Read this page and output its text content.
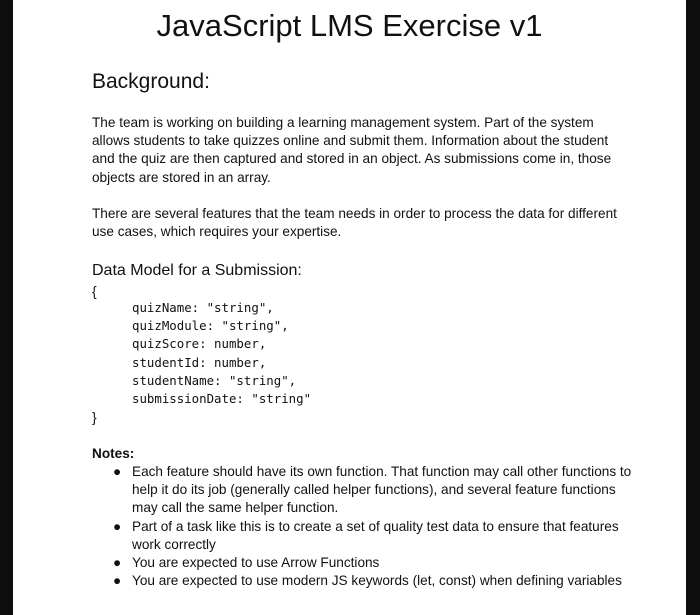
JavaScript LMS Exercise v1
Background:

The team is working on building a learning management system. Part of the system allows students to take quizzes online and submit them. Information about the student and the quiz are then captured and stored in an object. As submissions come in, those objects are stored in an array.

There are several features that the team needs in order to process the data for different use cases, which requires your expertise.

Data Model for a Submission:
{
quizName: "string",
quizModule: "string",
quizScore: number,
studentId: number,
studentName: "string",
submissionDate: "string"
}
Notes:
● Each feature should have its own function. That function may call other functions to help it do its job (generally called helper functions), and several feature functions may call the same helper function.
● Part of a task like this is to create a set of quality test data to ensure that features work correctly
● You are expected to use Arrow Functions
● You are expected to use modern JS keywords (let, const) when defining variables
